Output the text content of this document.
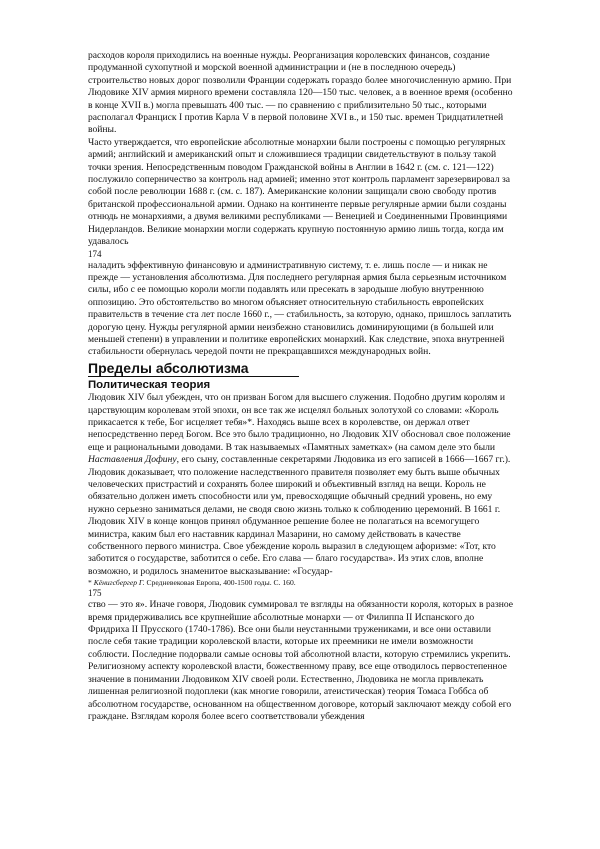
расходов короля приходились на военные нужды. Реорганизация королевских финансов, создание продуманной сухопутной и морской военной администрации и (не в последнюю очередь) строительство новых дорог позволили Франции содержать гораздо более многочисленную армию. При Людовике XIV армия мирного времени составляла 120—150 тыс. человек, а в военное время (особенно в конце XVII в.) могла превышать 400 тыс. — по сравнению с приблизительно 50 тыс., которыми располагал Франциск I против Карла V в первой половине XVI в., и 150 тыс. времен Тридцатилетней войны.

Часто утверждается, что европейские абсолютные монархии были построены с помощью регулярных армий; английский и американский опыт и сложившиеся традиции свидетельствуют в пользу такой точки зрения. Непосредственным поводом Гражданской войны в Англии в 1642 г. (см. с. 121—122) послужило соперничество за контроль над армией; именно этот контроль парламент зарезервировал за собой после революции 1688 г. (см. с. 187). Американские колонии защищали свою свободу против британской профессиональной армии. Однако на континенте первые регулярные армии были созданы отнюдь не монархиями, а двумя великими республиками — Венецией и Соединенными Провинциями Нидерландов. Великие монархии могли содержать крупную постоянную армию лишь тогда, когда им удавалось

174

наладить эффективную финансовую и административную систему, т. е. лишь после — и никак не прежде — установления абсолютизма. Для последнего регулярная армия была серьезным источником силы, ибо с ее помощью короли могли подавлять или пресекать в зародыше любую внутреннюю оппозицию. Это обстоятельство во многом объясняет относительную стабильность европейских правительств в течение ста лет после 1660 г., — стабильность, за которую, однако, пришлось заплатить дорогую цену. Нужды регулярной армии неизбежно становились доминирующими (в большей или меньшей степени) в управлении и политике европейских монархий. Как следствие, эпоха внутренней стабильности обернулась чередой почти не прекращавшихся международных войн.

Пределы абсолютизма
Политическая теория

Людовик XIV был убежден, что он призван Богом для высшего служения. Подобно другим королям и царствующим королевам этой эпохи, он все так же исцелял больных золотухой со словами: «Король прикасается к тебе, Бог исцеляет тебя»*. Находясь выше всех в королевстве, он держал ответ непосредственно перед Богом. Все это было традиционно, но Людовик XIV обосновал свое положение еще и рациональными доводами. В так называемых «Памятных заметках» (на самом деле это были Наставления Дофину, его сыну, составленные секретарями Людовика из его записей в 1666—1667 гг.). Людовик доказывает, что положение наследственного правителя позволяет ему быть выше обычных человеческих пристрастий и сохранять более широкий и объективный взгляд на вещи. Король не обязательно должен иметь способности или ум, превосходящие обычный средний уровень, но ему нужно серьезно заниматься делами, не сводя свою жизнь только к соблюдению церемоний. В 1661 г. Людовик XIV в конце концов принял обдуманное решение более не полагаться на всемогущего министра, каким был его наставник кардинал Мазарини, но самому действовать в качестве собственного первого министра. Свое убеждение король выразил в следующем афоризме: «Тот, кто заботится о государстве, заботится о себе. Его слава — благо государства». Из этих слов, вполне возможно, и родилось знаменитое высказывание: «Государ-

* Кёнигсбергер Г. Средневековая Европа, 400-1500 годы. С. 160.

175

ство — это я». Иначе говоря, Людовик суммировал те взгляды на обязанности короля, которых в разное время придерживались все крупнейшие абсолютные монархи — от Филиппа II Испанского до Фридриха II Прусского (1740-1786). Все они были неустанными тружениками, и все они оставили после себя такие традиции королевской власти, которые их преемники не имели возможности соблюсти. Последние подорвали самые основы той абсолютной власти, которую стремились укрепить.

Религиозному аспекту королевской власти, божественному праву, все еще отводилось первостепенное значение в понимании Людовиком XIV своей роли. Естественно, Людовика не могла привлекать лишенная религиозной подоплеки (как многие говорили, атеистическая) теория Томаса Гоббса об абсолютном государстве, основанном на общественном договоре, который заключают между собой его граждане. Взглядам короля более всего соответствовали убеждения
